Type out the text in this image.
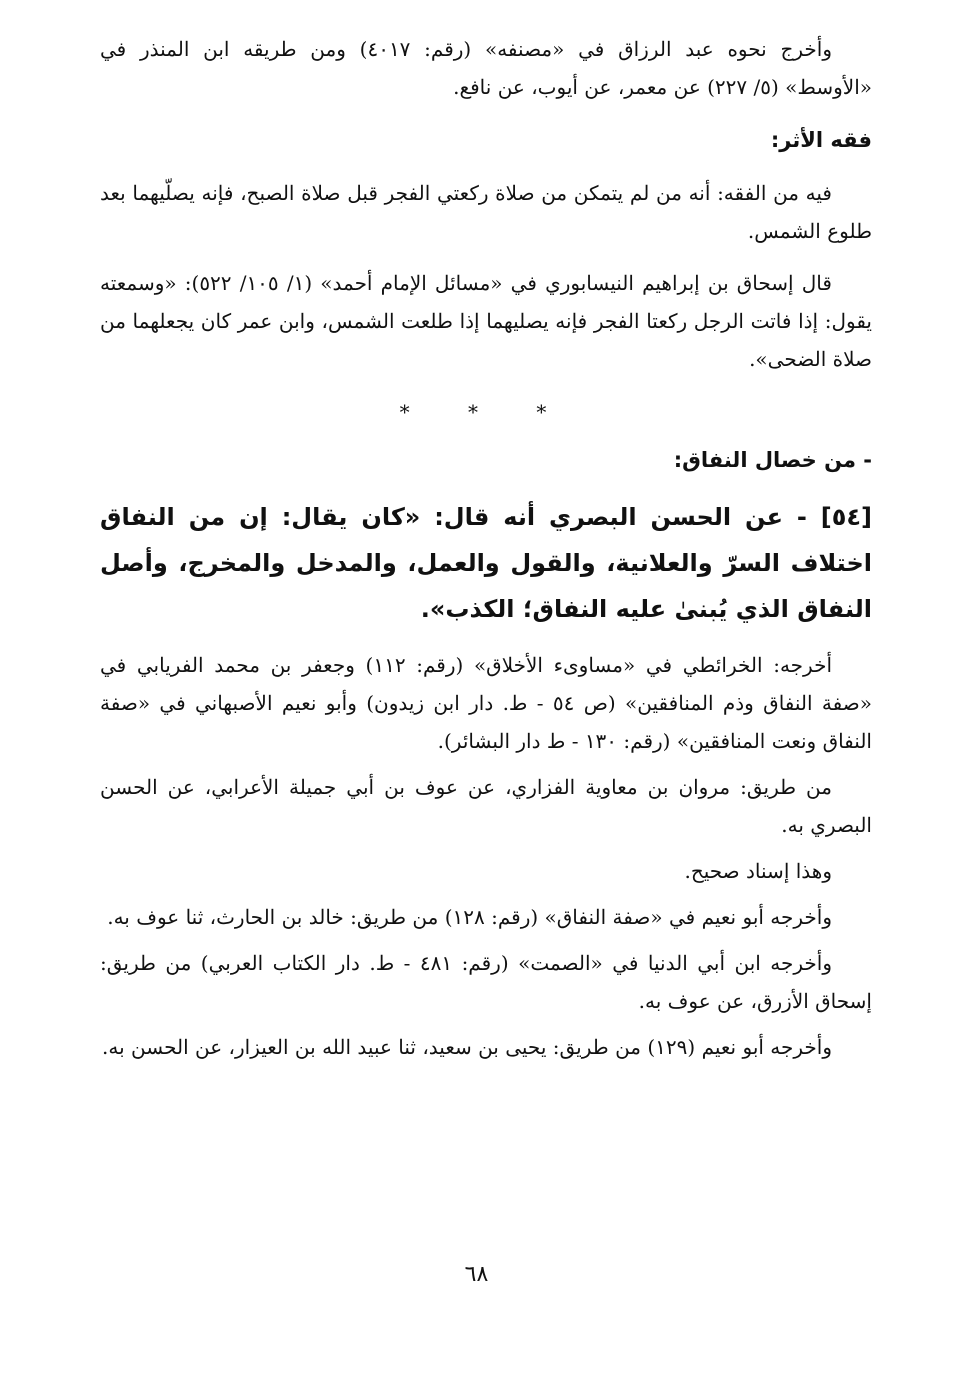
وأخرج نحوه عبد الرزاق في «مصنفه» (رقم: ٤٠١٧) ومن طريقه ابن المنذر في «الأوسط» (٥/ ٢٢٧) عن معمر، عن أيوب، عن نافع.

فقه الأثر:

فيه من الفقه: أنه من لم يتمكن من صلاة ركعتي الفجر قبل صلاة الصبح، فإنه يصلّيهما بعد طلوع الشمس.

قال إسحاق بن إبراهيم النيسابوري في «مسائل الإمام أحمد» (١/ ١٠٥/ ٥٢٢): «وسمعته يقول: إذا فاتت الرجل ركعتا الفجر فإنه يصليهما إذا طلعت الشمس، وابن عمر كان يجعلهما من صلاة الضحى».

* * *
- من خصال النفاق:

[٥٤] - عن الحسن البصري أنه قال: «كان يقال: إن من النفاق اختلاف السرّ والعلانية، والقول والعمل، والمدخل والمخرج، وأصل النفاق الذي يُبنىٰ عليه النفاق؛ الكذب».

أخرجه: الخرائطي في «مساوىء الأخلاق» (رقم: ١١٢) وجعفر بن محمد الفريابي في «صفة النفاق وذم المنافقين» (ص ٥٤ - ط. دار ابن زيدون) وأبو نعيم الأصبهاني في «صفة النفاق ونعت المنافقين» (رقم: ١٣٠ - ط دار البشائر).

من طريق: مروان بن معاوية الفزاري، عن عوف بن أبي جميلة الأعرابي، عن الحسن البصري به.

وهذا إسناد صحيح.

وأخرجه أبو نعيم في «صفة النفاق» (رقم: ١٢٨) من طريق: خالد بن الحارث، ثنا عوف به.

وأخرجه ابن أبي الدنيا في «الصمت» (رقم: ٤٨١ - ط. دار الكتاب العربي) من طريق: إسحاق الأزرق، عن عوف به.

وأخرجه أبو نعيم (١٢٩) من طريق: يحيى بن سعيد، ثنا عبيد الله بن العيزار، عن الحسن به.

٦٨
